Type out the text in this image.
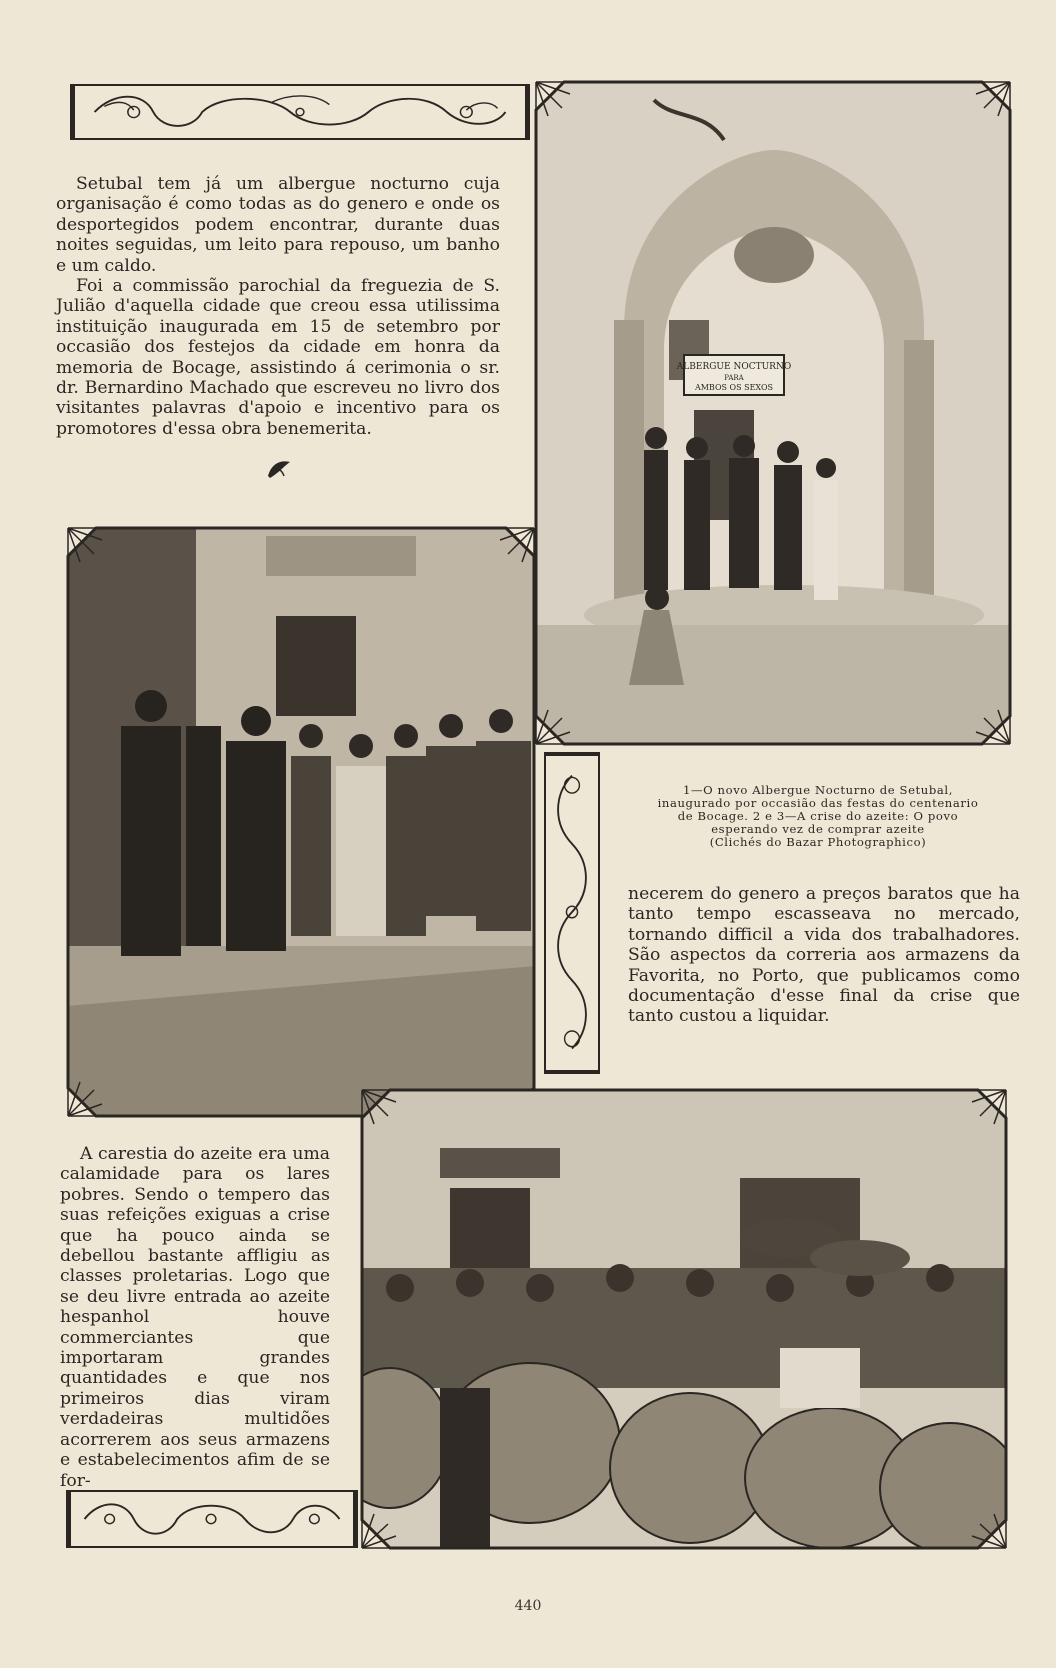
ALBERGUE NOCTURNO
PARA
AMBOS OS SEXOS

Setubal tem já um albergue nocturno cuja organisação é como todas as do genero e onde os desportegidos podem encontrar, durante duas noites seguidas, um leito para repouso, um banho e um caldo.

Foi a commissão parochial da freguezia de S. Julião d'aquella cidade que creou essa utilissima instituição inaugurada em 15 de setembro por occasião dos festejos da cidade em honra da memoria de Bocage, assistindo á cerimonia o sr. dr. Bernardino Machado que escreveu no livro dos visitantes palavras d'apoio e incentivo para os promotores d'essa obra benemerita.

1—O novo Albergue Nocturno de Setubal,
inaugurado por occasião das festas do centenario
de Bocage. 2 e 3—A crise do azeite: O povo
esperando vez de comprar azeite
(Clichés do Bazar Photographico)

necerem do genero a preços baratos que ha tanto tempo escasseava no mercado, tornando difficil a vida dos trabalhadores. São aspectos da correria aos armazens da Favorita, no Porto, que publicamos como documentação d'esse final da crise que tanto custou a liquidar.

A carestia do azeite era uma calamidade para os lares pobres. Sendo o tempero das suas refeições exiguas a crise que ha pouco ainda se debellou bastante affligiu as classes proletarias. Logo que se deu livre entrada ao azeite hespanhol houve commerciantes que importaram grandes quantidades e que nos primeiros dias viram verdadeiras multidões acorrerem aos seus armazens e estabelecimentos afim de se for-

440
